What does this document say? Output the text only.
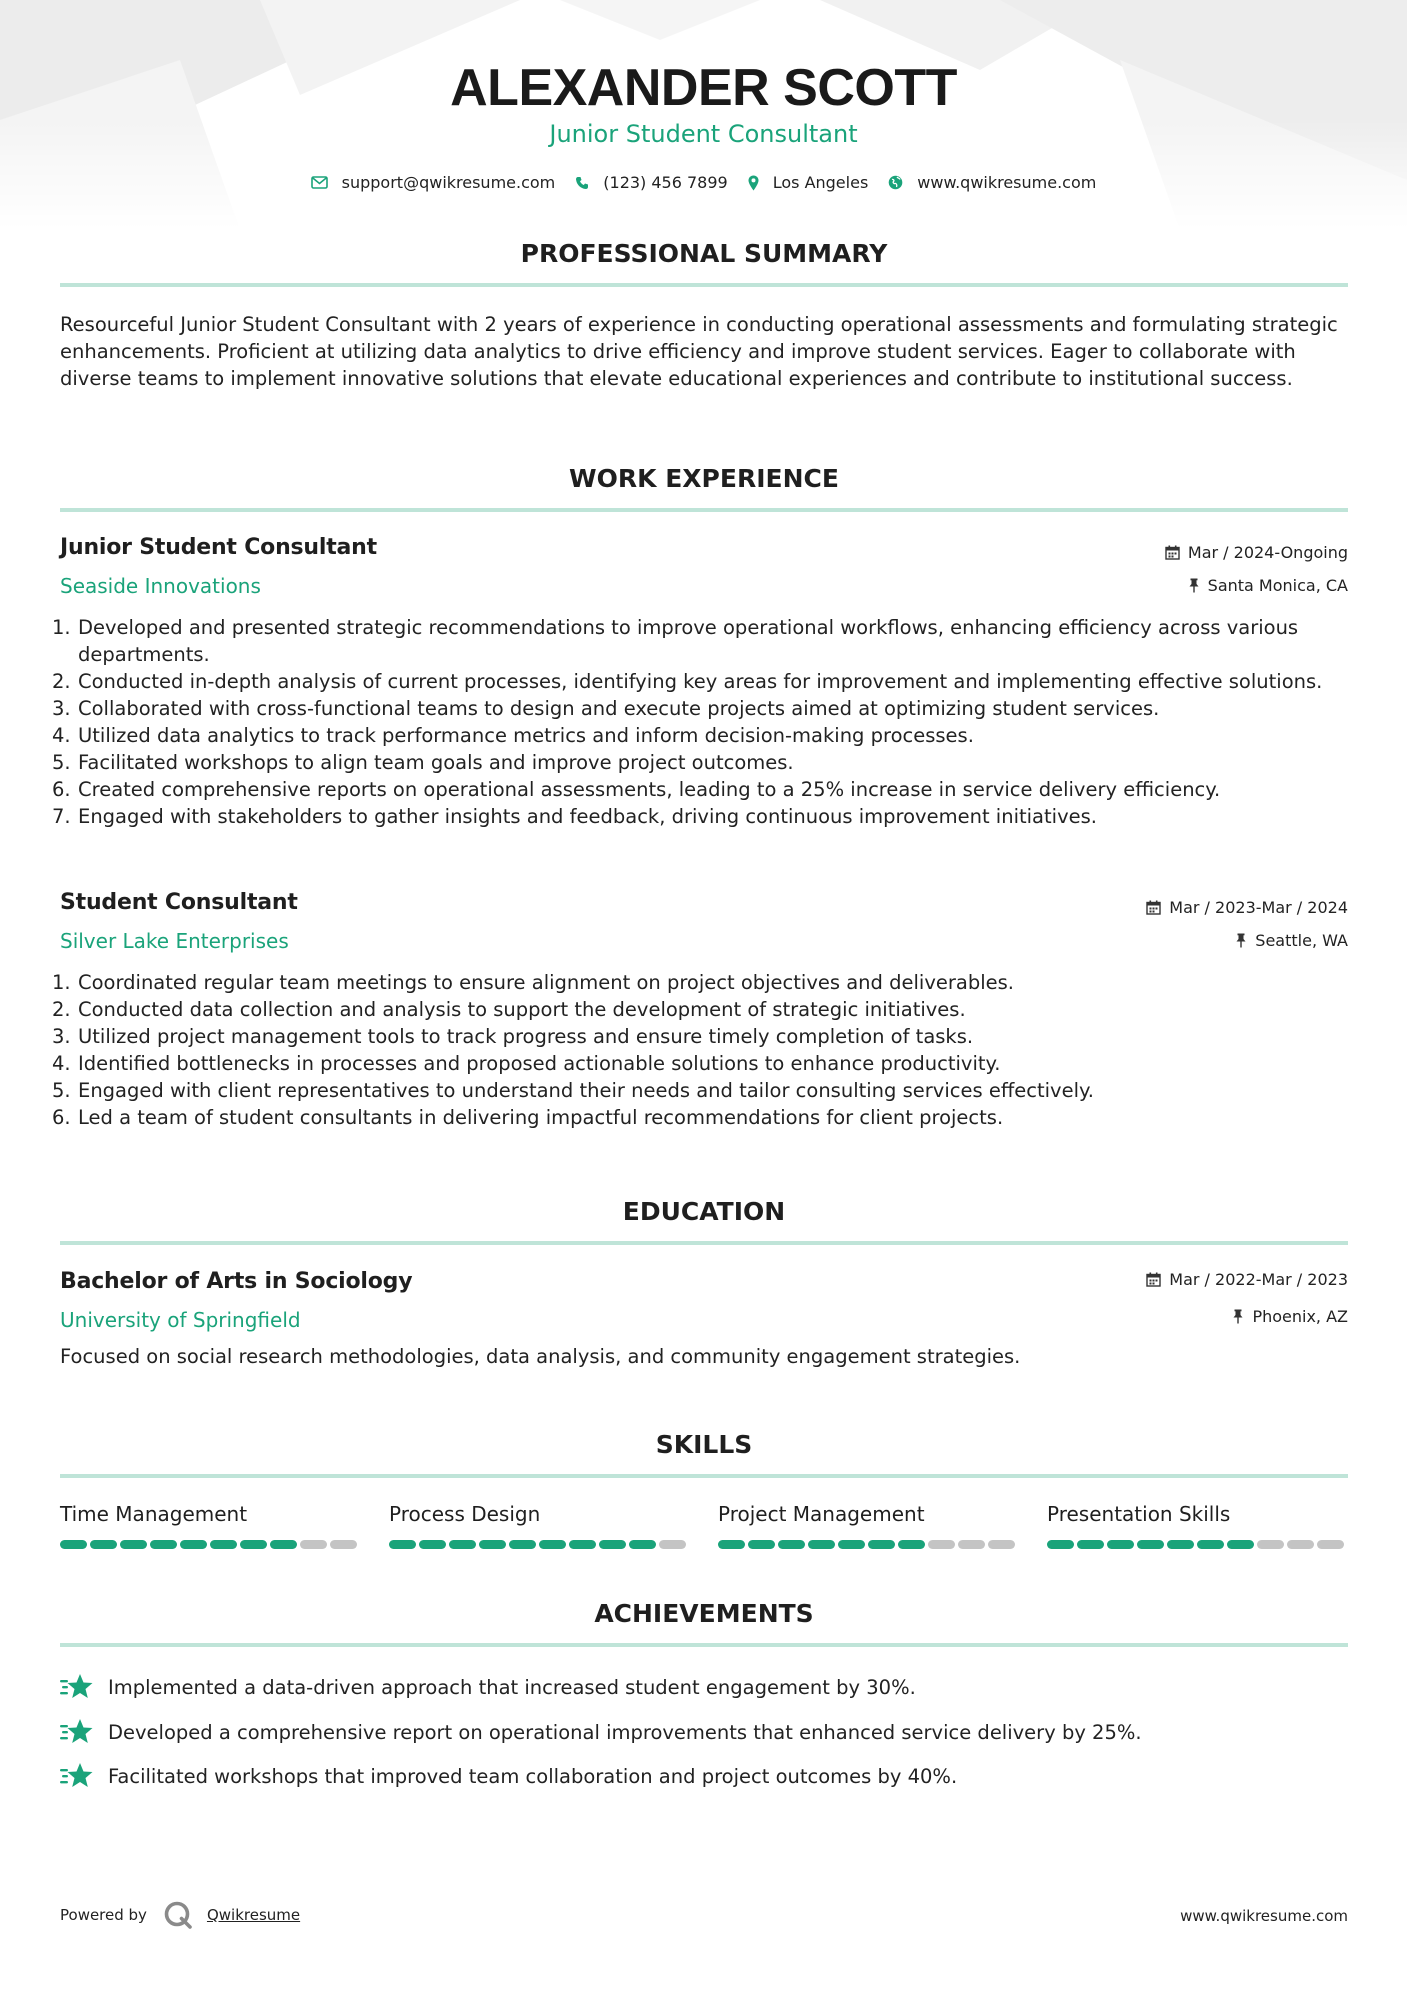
ALEXANDER SCOTT
Junior Student Consultant
support@qwikresume.com	(123) 456 7899	Los Angeles	www.qwikresume.com
PROFESSIONAL SUMMARY
Resourceful Junior Student Consultant with 2 years of experience in conducting operational assessments and formulating strategic enhancements. Proficient at utilizing data analytics to drive efficiency and improve student services. Eager to collaborate with diverse teams to implement innovative solutions that elevate educational experiences and contribute to institutional success.
WORK EXPERIENCE
Junior Student Consultant	Mar / 2024-Ongoing
Seaside Innovations	Santa Monica, CA
1. Developed and presented strategic recommendations to improve operational workflows, enhancing efficiency across various departments.
2. Conducted in-depth analysis of current processes, identifying key areas for improvement and implementing effective solutions.
3. Collaborated with cross-functional teams to design and execute projects aimed at optimizing student services.
4. Utilized data analytics to track performance metrics and inform decision-making processes.
5. Facilitated workshops to align team goals and improve project outcomes.
6. Created comprehensive reports on operational assessments, leading to a 25% increase in service delivery efficiency.
7. Engaged with stakeholders to gather insights and feedback, driving continuous improvement initiatives.
Student Consultant	Mar / 2023-Mar / 2024
Silver Lake Enterprises	Seattle, WA
1. Coordinated regular team meetings to ensure alignment on project objectives and deliverables.
2. Conducted data collection and analysis to support the development of strategic initiatives.
3. Utilized project management tools to track progress and ensure timely completion of tasks.
4. Identified bottlenecks in processes and proposed actionable solutions to enhance productivity.
5. Engaged with client representatives to understand their needs and tailor consulting services effectively.
6. Led a team of student consultants in delivering impactful recommendations for client projects.
EDUCATION
Bachelor of Arts in Sociology	Mar / 2022-Mar / 2023
University of Springfield	Phoenix, AZ
Focused on social research methodologies, data analysis, and community engagement strategies.
SKILLS
Time Management	Process Design	Project Management	Presentation Skills
ACHIEVEMENTS
Implemented a data-driven approach that increased student engagement by 30%.
Developed a comprehensive report on operational improvements that enhanced service delivery by 25%.
Facilitated workshops that improved team collaboration and project outcomes by 40%.
Powered by	Qwikresume	www.qwikresume.com
